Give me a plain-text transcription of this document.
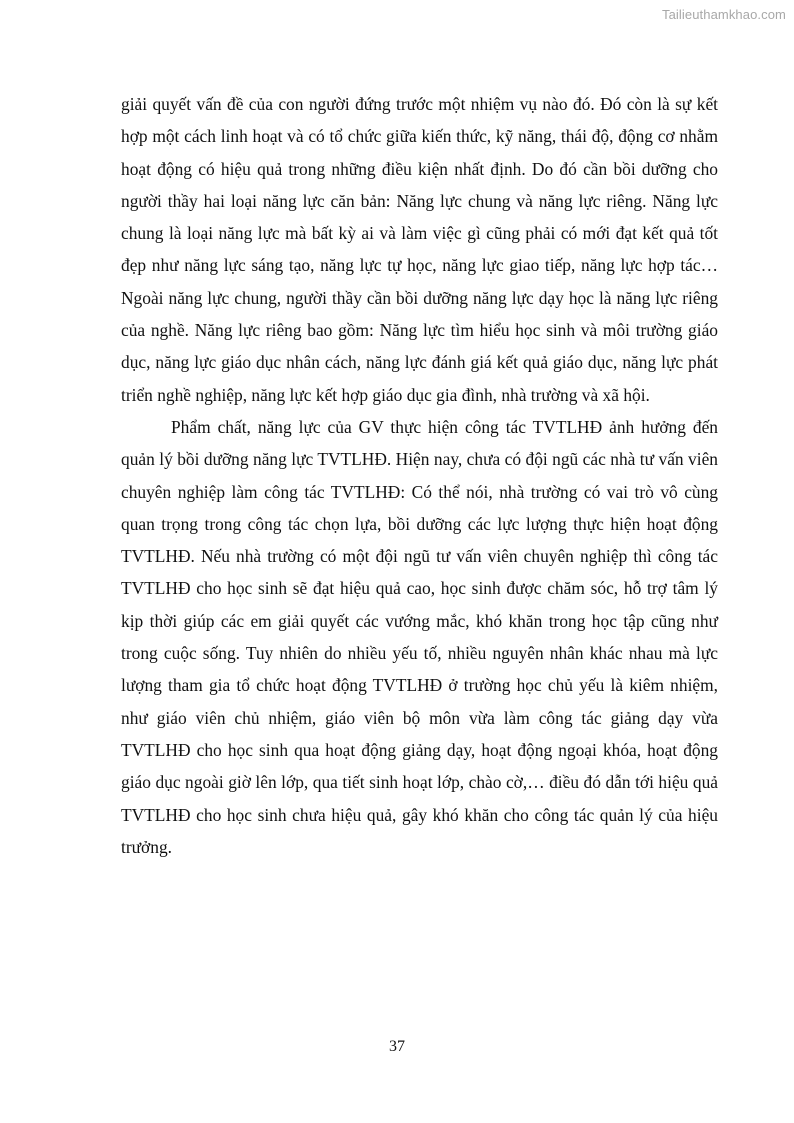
Tailieuthamkhao.com

giải quyết vấn đề của con người đứng trước một nhiệm vụ nào đó. Đó còn là sự kết hợp một cách linh hoạt và có tổ chức giữa kiến thức, kỹ năng, thái độ, động cơ nhằm hoạt động có hiệu quả trong những điều kiện nhất định. Do đó cần bồi dưỡng cho người thầy hai loại năng lực căn bản: Năng lực chung và năng lực riêng. Năng lực chung là loại năng lực mà bất kỳ ai và làm việc gì cũng phải có mới đạt kết quả tốt đẹp như năng lực sáng tạo, năng lực tự học, năng lực giao tiếp, năng lực hợp tác… Ngoài năng lực chung, người thầy cần bồi dưỡng năng lực dạy học là năng lực riêng của nghề. Năng lực riêng bao gồm: Năng lực tìm hiểu học sinh và môi trường giáo dục, năng lực giáo dục nhân cách, năng lực đánh giá kết quả giáo dục, năng lực phát triển nghề nghiệp, năng lực kết hợp giáo dục gia đình, nhà trường và xã hội.

Phẩm chất, năng lực của GV thực hiện công tác TVTLHĐ ảnh hưởng đến quản lý bồi dưỡng năng lực TVTLHĐ. Hiện nay, chưa có đội ngũ các nhà tư vấn viên chuyên nghiệp làm công tác TVTLHĐ: Có thể nói, nhà trường có vai trò vô cùng quan trọng trong công tác chọn lựa, bồi dưỡng các lực lượng thực hiện hoạt động TVTLHĐ. Nếu nhà trường có một đội ngũ tư vấn viên chuyên nghiệp thì công tác TVTLHĐ cho học sinh sẽ đạt hiệu quả cao, học sinh được chăm sóc, hỗ trợ tâm lý kịp thời giúp các em giải quyết các vướng mắc, khó khăn trong học tập cũng như trong cuộc sống. Tuy nhiên do nhiều yếu tố, nhiều nguyên nhân khác nhau mà lực lượng tham gia tổ chức hoạt động TVTLHĐ ở trường học chủ yếu là kiêm nhiệm, như giáo viên chủ nhiệm, giáo viên bộ môn vừa làm công tác giảng dạy vừa TVTLHĐ cho học sinh qua hoạt động giảng dạy, hoạt động ngoại khóa, hoạt động giáo dục ngoài giờ lên lớp, qua tiết sinh hoạt lớp, chào cờ,… điều đó dẫn tới hiệu quả TVTLHĐ cho học sinh chưa hiệu quả, gây khó khăn cho công tác quản lý của hiệu trưởng.

37
